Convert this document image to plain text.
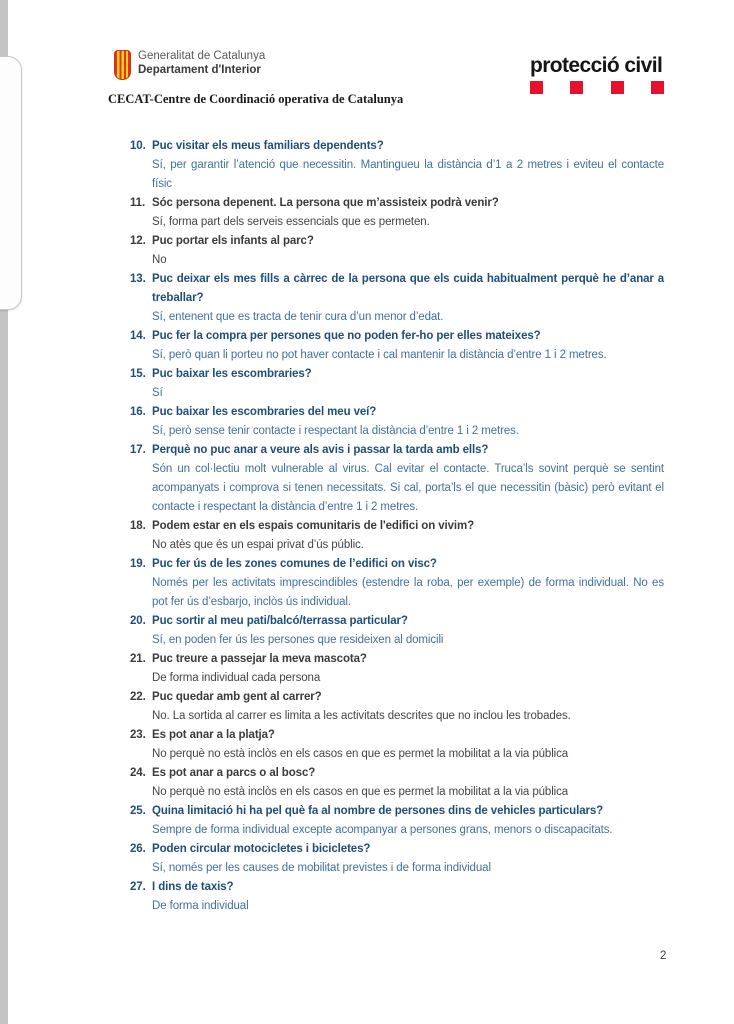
Generalitat de Catalunya
Departament d'Interior
CECAT-Centre de Coordinació operativa de Catalunya
protecció civil
10. Puc visitar els meus familiars dependents?

Sí, per garantir l’atenció que necessitin. Mantingueu la distància d’1 a 2 metres i eviteu el contacte físic

11. Sóc persona depenent. La persona que m’assisteix podrà venir?

Sí, forma part dels serveis essencials que es permeten.

12. Puc portar els infants al parc?

No

13. Puc deixar els mes fills a càrrec de la persona que els cuida habitualment perquè he d’anar a treballar?

Sí, entenent que es tracta de tenir cura d’un menor d’edat.

14. Puc fer la compra per persones que no poden fer-ho per elles mateixes?

Sí, però quan li porteu no pot haver contacte i cal mantenir la distància d’entre 1 i 2 metres.

15. Puc baixar les escombraries?

Sí

16. Puc baixar les escombraries del meu veí?

Sí, però sense tenir contacte i respectant la distància d’entre 1 i 2 metres.

17. Perquè no puc anar a veure als avis i passar la tarda amb ells?

Són un col·lectiu molt vulnerable al virus. Cal evitar el contacte. Truca’ls sovint perquè se sentint acompanyats i comprova si tenen necessitats. Si cal, porta’ls el que necessitin (bàsic) però evitant el contacte i respectant la distància d’entre 1 i 2 metres.

18. Podem estar en els espais comunitaris de l'edifici on vivim?

No atès que és un espai privat d’ús públic.

19. Puc fer ús de les zones comunes de l’edifici on visc?

Només per les activitats imprescindibles (estendre la roba, per exemple) de forma individual. No es pot fer ús d’esbarjo, inclòs ús individual.

20. Puc sortir al meu pati/balcó/terrassa particular?

Sí, en poden fer ús les persones que resideixen al domicili

21. Puc treure a passejar la meva mascota?

De forma individual cada persona

22. Puc quedar amb gent al carrer?

No. La sortida al carrer es limita a les activitats descrites que no inclou les trobades.

23. Es pot anar a la platja?

No perquè no està inclòs en els casos en que es permet la mobilitat a la via pública

24. Es pot anar a parcs o al bosc?

No perquè no està inclòs en els casos en que es permet la mobilitat a la via pública

25. Quina limitació hi ha pel què fa al nombre de persones dins de vehicles particulars?

Sempre de forma individual excepte acompanyar a persones grans, menors o discapacitats.

26. Poden circular motocicletes i bicicletes?

Sí, només per les causes de mobilitat previstes i de forma individual

27. I dins de taxis?

De forma individual

2
